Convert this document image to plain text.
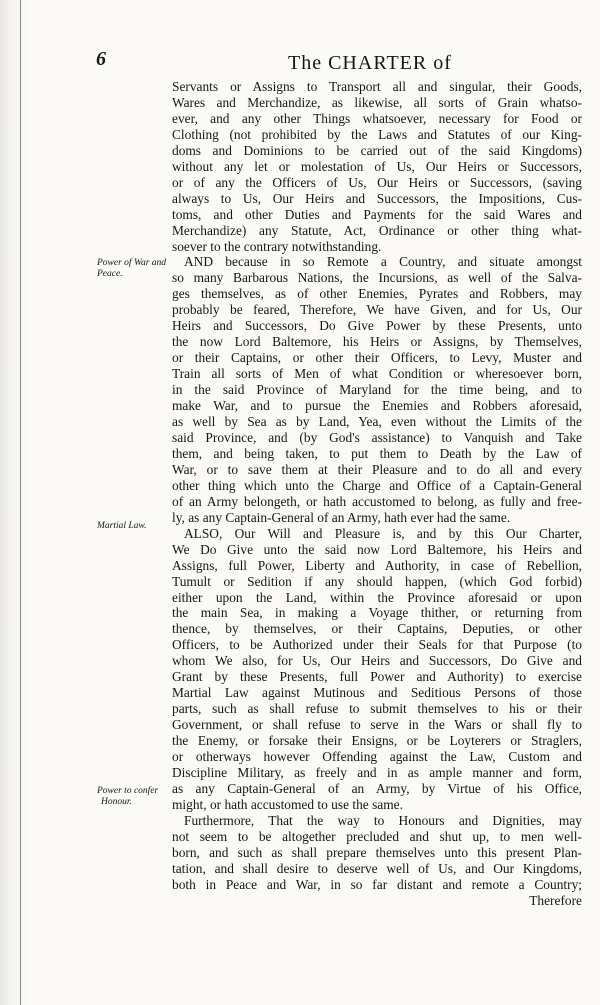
6	The CHARTER of
Power of War and Peace.
Martial Law.
Power to confer
Honour.
Servants or Assigns to Transport all and singular, their Goods,
Wares and Merchandize, as likewise, all sorts of Grain whatso-
ever, and any other Things whatsoever, necessary for Food or
Clothing (not prohibited by the Laws and Statutes of our King-
doms and Dominions to be carried out of the said Kingdoms)
without any let or molestation of Us, Our Heirs or Successors,
or of any the Officers of Us, Our Heirs or Successors, (saving
always to Us, Our Heirs and Successors, the Impositions, Cus-
toms, and other Duties and Payments for the said Wares and
Merchandize) any Statute, Act, Ordinance or other thing what-
soever to the contrary notwithstanding.
AND because in so Remote a Country, and situate amongst
so many Barbarous Nations, the Incursions, as well of the Salva-
ges themselves, as of other Enemies, Pyrates and Robbers, may
probably be feared, Therefore, We have Given, and for Us, Our
Heirs and Successors, Do Give Power by these Presents, unto
the now Lord Baltemore, his Heirs or Assigns, by Themselves,
or their Captains, or other their Officers, to Levy, Muster and
Train all sorts of Men of what Condition or wheresoever born,
in the said Province of Maryland for the time being, and to
make War, and to pursue the Enemies and Robbers aforesaid,
as well by Sea as by Land, Yea, even without the Limits of the
said Province, and (by God's assistance) to Vanquish and Take
them, and being taken, to put them to Death by the Law of
War, or to save them at their Pleasure and to do all and every
other thing which unto the Charge and Office of a Captain-General
of an Army belongeth, or hath accustomed to belong, as fully and free-
ly, as any Captain-General of an Army, hath ever had the same.
ALSO, Our Will and Pleasure is, and by this Our Charter,
We Do Give unto the said now Lord Baltemore, his Heirs and
Assigns, full Power, Liberty and Authority, in case of Rebellion,
Tumult or Sedition if any should happen, (which God forbid)
either upon the Land, within the Province aforesaid or upon
the main Sea, in making a Voyage thither, or returning from
thence, by themselves, or their Captains, Deputies, or other
Officers, to be Authorized under their Seals for that Purpose (to
whom We also, for Us, Our Heirs and Successors, Do Give and
Grant by these Presents, full Power and Authority) to exercise
Martial Law against Mutinous and Seditious Persons of those
parts, such as shall refuse to submit themselves to his or their
Government, or shall refuse to serve in the Wars or shall fly to
the Enemy, or forsake their Ensigns, or be Loyterers or Straglers,
or otherways however Offending against the Law, Custom and
Discipline Military, as freely and in as ample manner and form,
as any Captain-General of an Army, by Virtue of his Office,
might, or hath accustomed to use the same.
Furthermore, That the way to Honours and Dignities, may
not seem to be altogether precluded and shut up, to men well-
born, and such as shall prepare themselves unto this present Plan-
tation, and shall desire to deserve well of Us, and Our Kingdoms,
both in Peace and War, in so far distant and remote a Country;
Therefore
